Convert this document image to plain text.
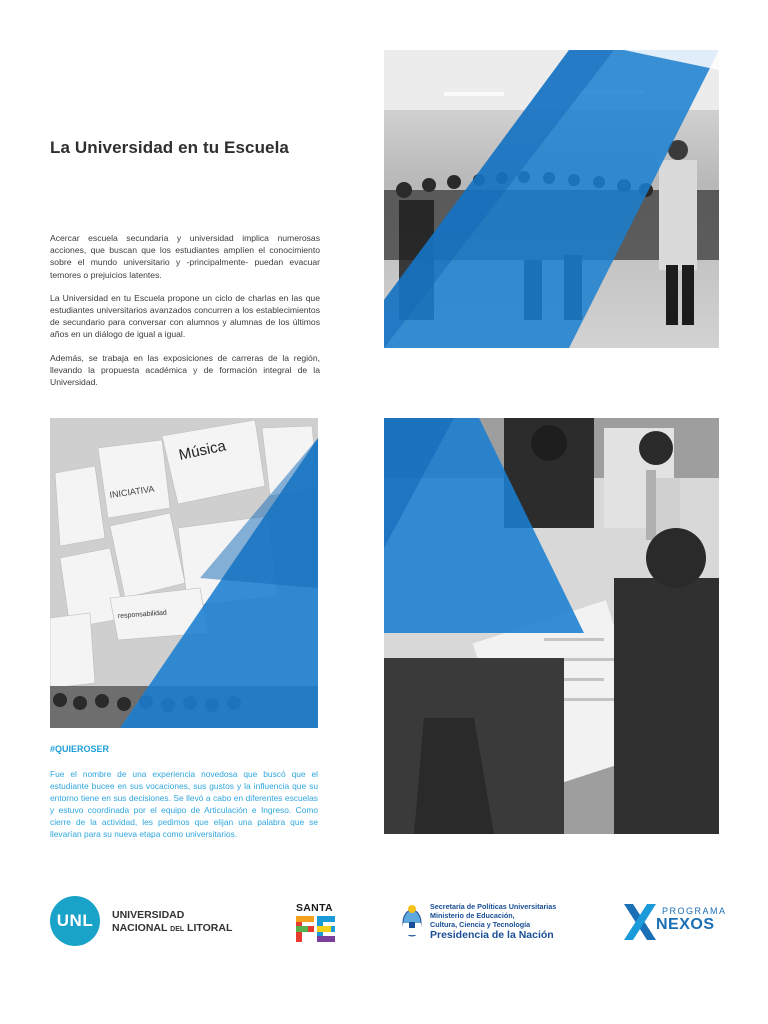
La Universidad en tu Escuela

Acercar escuela secundaria y universidad implica numerosas acciones, que buscan que los estudiantes amplíen el conocimiento sobre el mundo universitario y -principalmente- puedan evacuar temores o prejuicios latentes.

La Universidad en tu Escuela propone un ciclo de charlas en las que estudiantes universitarios avanzados concurren a los establecimientos de secundario para conversar con alumnos y alumnas de los últimos años en un diálogo de igual a igual.

Además, se trabaja en las exposiciones de carreras de la región, llevando la propuesta académica y de formación integral de la Universidad.

Música
INICIATIVA
responsabilidad
#QUIEROSER
Fue el nombre de una experiencia novedosa que buscó que el estudiante bucee en sus vocaciones, sus gustos y la influencia que su entorno tiene en sus decisiones. Se llevó a cabo en diferentes escuelas y estuvo coordinada por el equipo de Articulación e Ingreso. Como cierre de la actividad, les pedimos que elijan una palabra que se llevarían para su nueva etapa como universitarios.
UNL UNIVERSIDAD
NACIONAL DEL LITORAL
SANTA	Secretaría de Políticas Universitarias
Ministerio de Educación,
Cultura, Ciencia y Tecnología
Presidencia de la Nación
PROGRAMA
NEXOS
